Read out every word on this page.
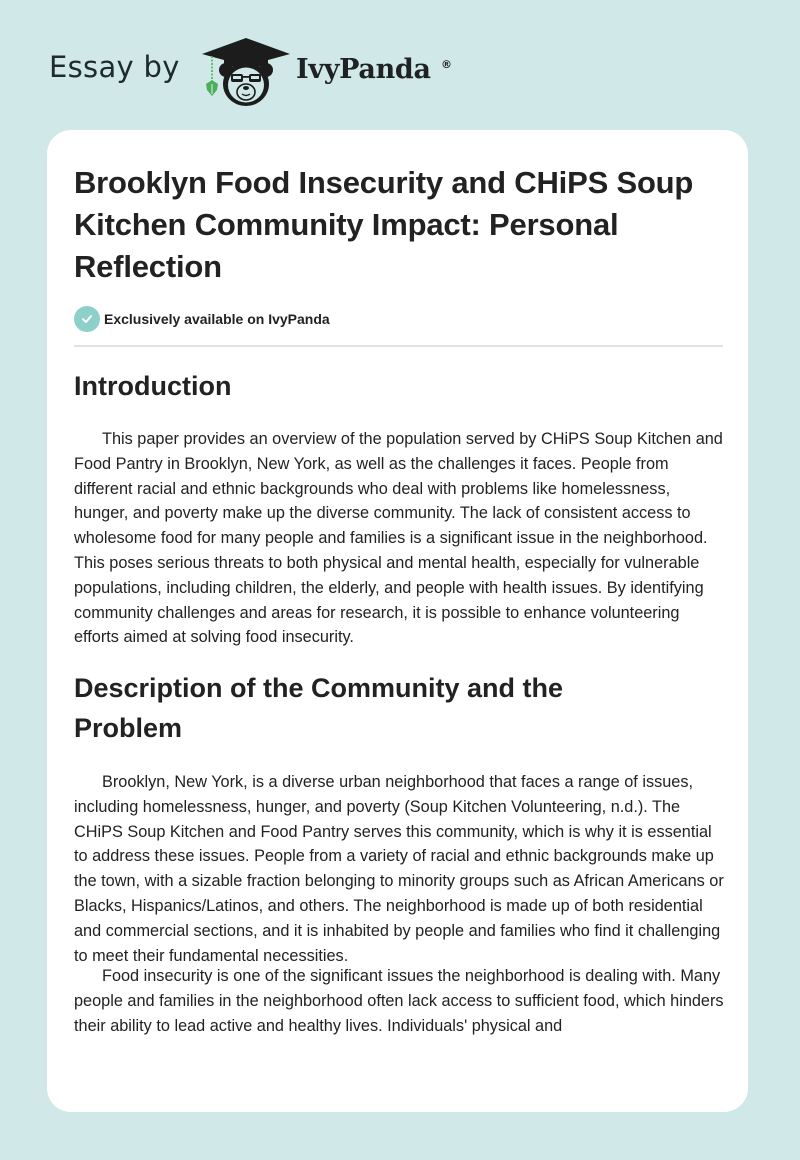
Essay by	IvyPanda ®
Brooklyn Food Insecurity and CHiPS Soup Kitchen Community Impact: Personal Reflection
Exclusively available on IvyPanda
Introduction

This paper provides an overview of the population served by CHiPS Soup Kitchen and Food Pantry in Brooklyn, New York, as well as the challenges it faces. People from different racial and ethnic backgrounds who deal with problems like homelessness, hunger, and poverty make up the diverse community. The lack of consistent access to wholesome food for many people and families is a significant issue in the neighborhood. This poses serious threats to both physical and mental health, especially for vulnerable populations, including children, the elderly, and people with health issues. By identifying community challenges and areas for research, it is possible to enhance volunteering efforts aimed at solving food insecurity.

Description of the Community and the Problem

Brooklyn, New York, is a diverse urban neighborhood that faces a range of issues, including homelessness, hunger, and poverty (Soup Kitchen Volunteering, n.d.). The CHiPS Soup Kitchen and Food Pantry serves this community, which is why it is essential to address these issues. People from a variety of racial and ethnic backgrounds make up the town, with a sizable fraction belonging to minority groups such as African Americans or Blacks, Hispanics/Latinos, and others. The neighborhood is made up of both residential and commercial sections, and it is inhabited by people and families who find it challenging to meet their fundamental necessities.

Food insecurity is one of the significant issues the neighborhood is dealing with. Many people and families in the neighborhood often lack access to sufficient food, which hinders their ability to lead active and healthy lives. Individuals' physical and
